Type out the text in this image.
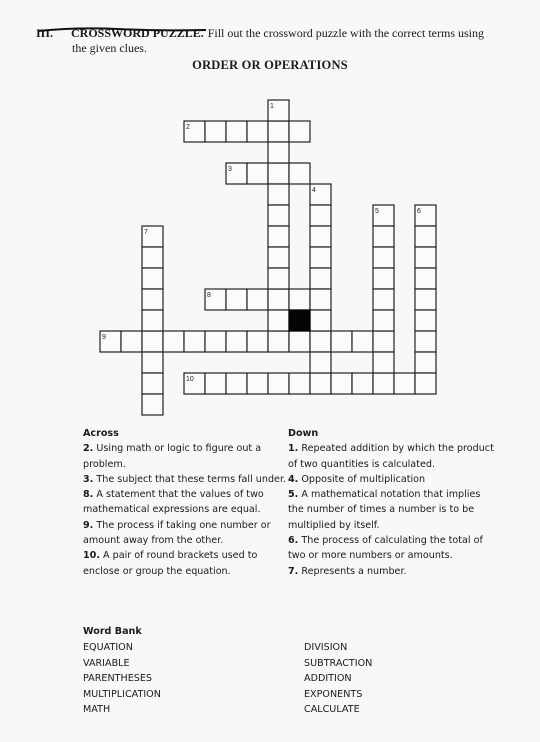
III. CROSSWORD PUZZLE. Fill out the crossword puzzle with the correct terms using
the given clues.
ORDER OR OPERATIONS
1
2
3
4
5	6
7
8
9
10
Across
2. Using math or logic to figure out a problem.
3. The subject that these terms fall under.
8. A statement that the values of two mathematical expressions are equal.
9. The process if taking one number or amount away from the other.
10. A pair of round brackets used to enclose or group the equation.
Down
1. Repeated addition by which the product of two quantities is calculated.
4. Opposite of multiplication
5. A mathematical notation that implies the number of times a number is to be multiplied by itself.
6. The process of calculating the total of two or more numbers or amounts.
7. Represents a number.
Word Bank
EQUATION
VARIABLE
PARENTHESES
MULTIPLICATION
MATH
DIVISION
SUBTRACTION
ADDITION
EXPONENTS
CALCULATE
